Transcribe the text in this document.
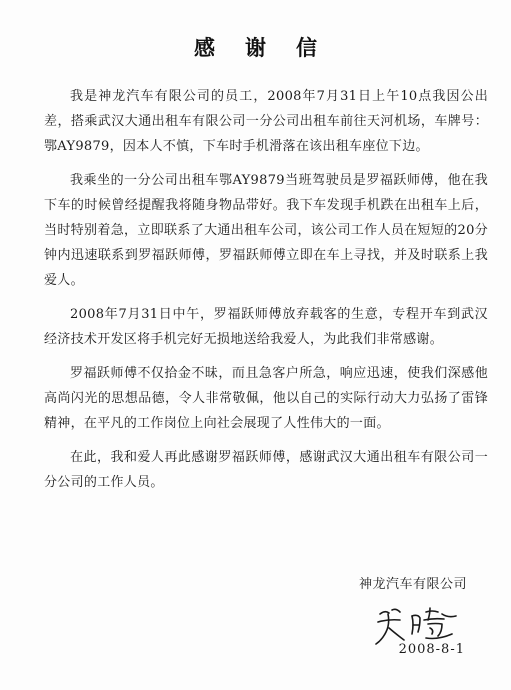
感谢信

我是神龙汽车有限公司的员工，2008年7月31日上午10点我因公出差，搭乘武汉大通出租车有限公司一分公司出租车前往天河机场，车牌号：鄂AY9879，因本人不慎，下车时手机滑落在该出租车座位下边。

我乘坐的一分公司出租车鄂AY9879当班驾驶员是罗福跃师傅，他在我下车的时候曾经提醒我将随身物品带好。我下车发现手机跌在出租车上后，当时特别着急，立即联系了大通出租车公司，该公司工作人员在短短的20分钟内迅速联系到罗福跃师傅，罗福跃师傅立即在车上寻找，并及时联系上我爱人。

2008年7月31日中午，罗福跃师傅放弃载客的生意，专程开车到武汉经济技术开发区将手机完好无损地送给我爱人，为此我们非常感谢。

罗福跃师傅不仅拾金不昧，而且急客户所急，响应迅速，使我们深感他高尚闪光的思想品德，令人非常敬佩，他以自己的实际行动大力弘扬了雷锋精神，在平凡的工作岗位上向社会展现了人性伟大的一面。

在此，我和爱人再此感谢罗福跃师傅，感谢武汉大通出租车有限公司一分公司的工作人员。

神龙汽车有限公司
2008-8-1
